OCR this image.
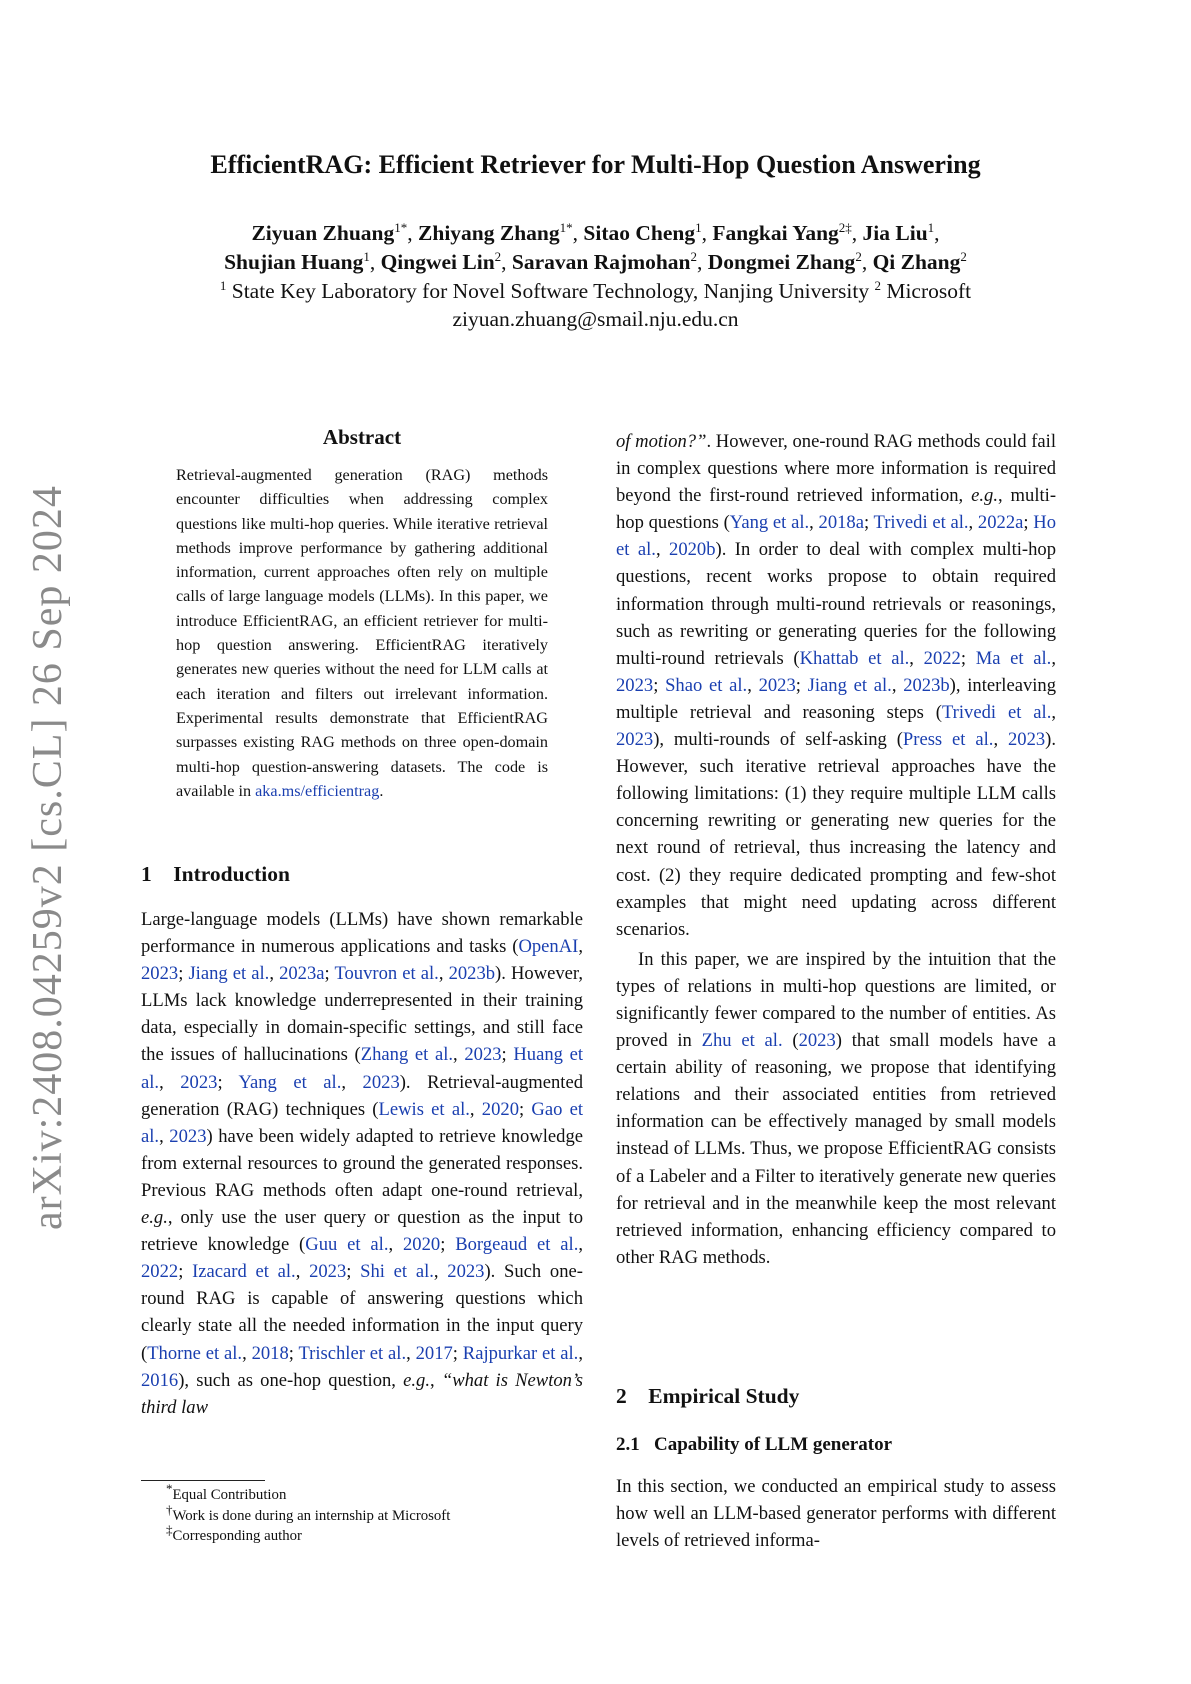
arXiv:2408.04259v2 [cs.CL] 26 Sep 2024
EfficientRAG: Efficient Retriever for Multi-Hop Question Answering
Ziyuan Zhuang$^{1*}$, Zhiyang Zhang$^{1*}$, Sitao Cheng$^1$, Fangkai Yang$^{2\ddagger}$, Jia Liu$^1$,
Shujian Huang$^1$, Qingwei Lin$^2$, Saravan Rajmohan$^2$, Dongmei Zhang$^2$, Qi Zhang$^2$
$^1$ State Key Laboratory for Novel Software Technology, Nanjing University $^2$ Microsoft
ziyuan.zhuang@smail.nju.edu.cn
Abstract
Retrieval-augmented generation (RAG) methods encounter difficulties when addressing complex questions like multi-hop queries. While iterative retrieval methods improve performance by gathering additional information, current approaches often rely on multiple calls of large language models (LLMs). In this paper, we introduce EfficientRAG, an efficient retriever for multi-hop question answering. EfficientRAG iteratively generates new queries without the need for LLM calls at each iteration and filters out irrelevant information. Experimental results demonstrate that EfficientRAG surpasses existing RAG methods on three open-domain multi-hop question-answering datasets. The code is available in aka.ms/efficientrag.
1 Introduction

Large-language models (LLMs) have shown remarkable performance in numerous applications and tasks (OpenAI, 2023; Jiang et al., 2023a; Touvron et al., 2023b). However, LLMs lack knowledge underrepresented in their training data, especially in domain-specific settings, and still face the issues of hallucinations (Zhang et al., 2023; Huang et al., 2023; Yang et al., 2023). Retrieval-augmented generation (RAG) techniques (Lewis et al., 2020; Gao et al., 2023) have been widely adapted to retrieve knowledge from external resources to ground the generated responses. Previous RAG methods often adapt one-round retrieval, e.g., only use the user query or question as the input to retrieve knowledge (Guu et al., 2020; Borgeaud et al., 2022; Izacard et al., 2023; Shi et al., 2023). Such one-round RAG is capable of answering questions which clearly state all the needed information in the input query (Thorne et al., 2018; Trischler et al., 2017; Rajpurkar et al., 2016), such as one-hop question, e.g., “what is Newton’s third law

*Equal Contribution
†Work is done during an internship at Microsoft
‡Corresponding author

of motion?”. However, one-round RAG methods could fail in complex questions where more information is required beyond the first-round retrieved information, e.g., multi-hop questions (Yang et al., 2018a; Trivedi et al., 2022a; Ho et al., 2020b). In order to deal with complex multi-hop questions, recent works propose to obtain required information through multi-round retrievals or reasonings, such as rewriting or generating queries for the following multi-round retrievals (Khattab et al., 2022; Ma et al., 2023; Shao et al., 2023; Jiang et al., 2023b), interleaving multiple retrieval and reasoning steps (Trivedi et al., 2023), multi-rounds of self-asking (Press et al., 2023). However, such iterative retrieval approaches have the following limitations: (1) they require multiple LLM calls concerning rewriting or generating new queries for the next round of retrieval, thus increasing the latency and cost. (2) they require dedicated prompting and few-shot examples that might need updating across different scenarios.

In this paper, we are inspired by the intuition that the types of relations in multi-hop questions are limited, or significantly fewer compared to the number of entities. As proved in Zhu et al. (2023) that small models have a certain ability of reasoning, we propose that identifying relations and their associated entities from retrieved information can be effectively managed by small models instead of LLMs. Thus, we propose EfficientRAG consists of a Labeler and a Filter to iteratively generate new queries for retrieval and in the meanwhile keep the most relevant retrieved information, enhancing efficiency compared to other RAG methods.

2 Empirical Study
2.1 Capability of LLM generator
In this section, we conducted an empirical study to assess how well an LLM-based generator performs with different levels of retrieved informa-
